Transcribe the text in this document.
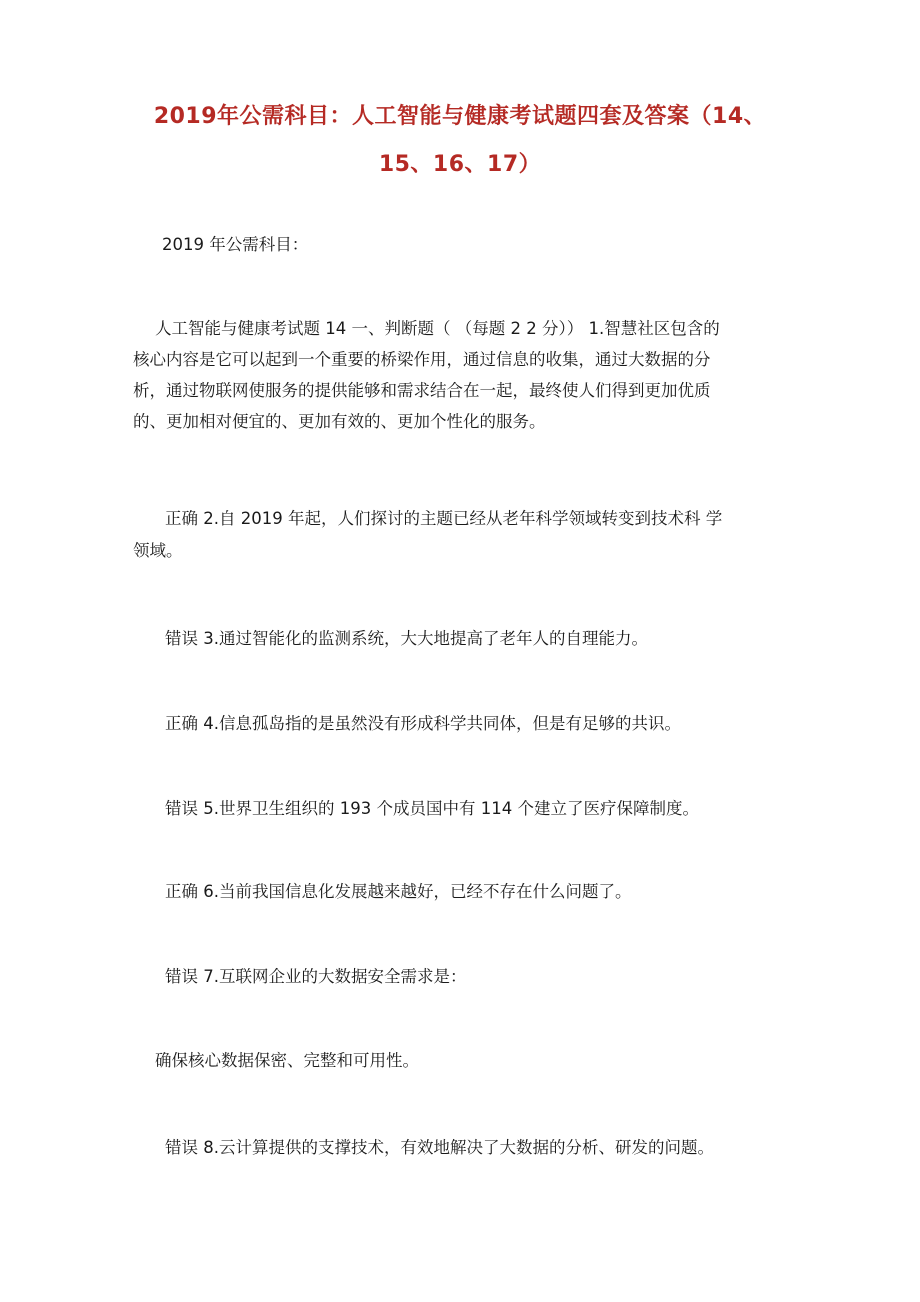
2019年公需科目：人工智能与健康考试题四套及答案（14、
15、16、17）
2019 年公需科目：
人工智能与健康考试题 14 一、判断题（ （每题 2 2 分）） 1.智慧社区包含的
核心内容是它可以起到一个重要的桥梁作用，通过信息的收集，通过大数据的分
析，通过物联网使服务的提供能够和需求结合在一起，最终使人们得到更加优质
的、更加相对便宜的、更加有效的、更加个性化的服务。
正确 2.自 2019 年起，人们探讨的主题已经从老年科学领域转变到技术科 学
领域。
错误 3.通过智能化的监测系统，大大地提高了老年人的自理能力。
正确 4.信息孤岛指的是虽然没有形成科学共同体，但是有足够的共识。
错误 5.世界卫生组织的 193 个成员国中有 114 个建立了医疗保障制度。
正确 6.当前我国信息化发展越来越好，已经不存在什么问题了。
错误 7.互联网企业的大数据安全需求是：
确保核心数据保密、完整和可用性。
错误 8.云计算提供的支撑技术，有效地解决了大数据的分析、研发的问题。
